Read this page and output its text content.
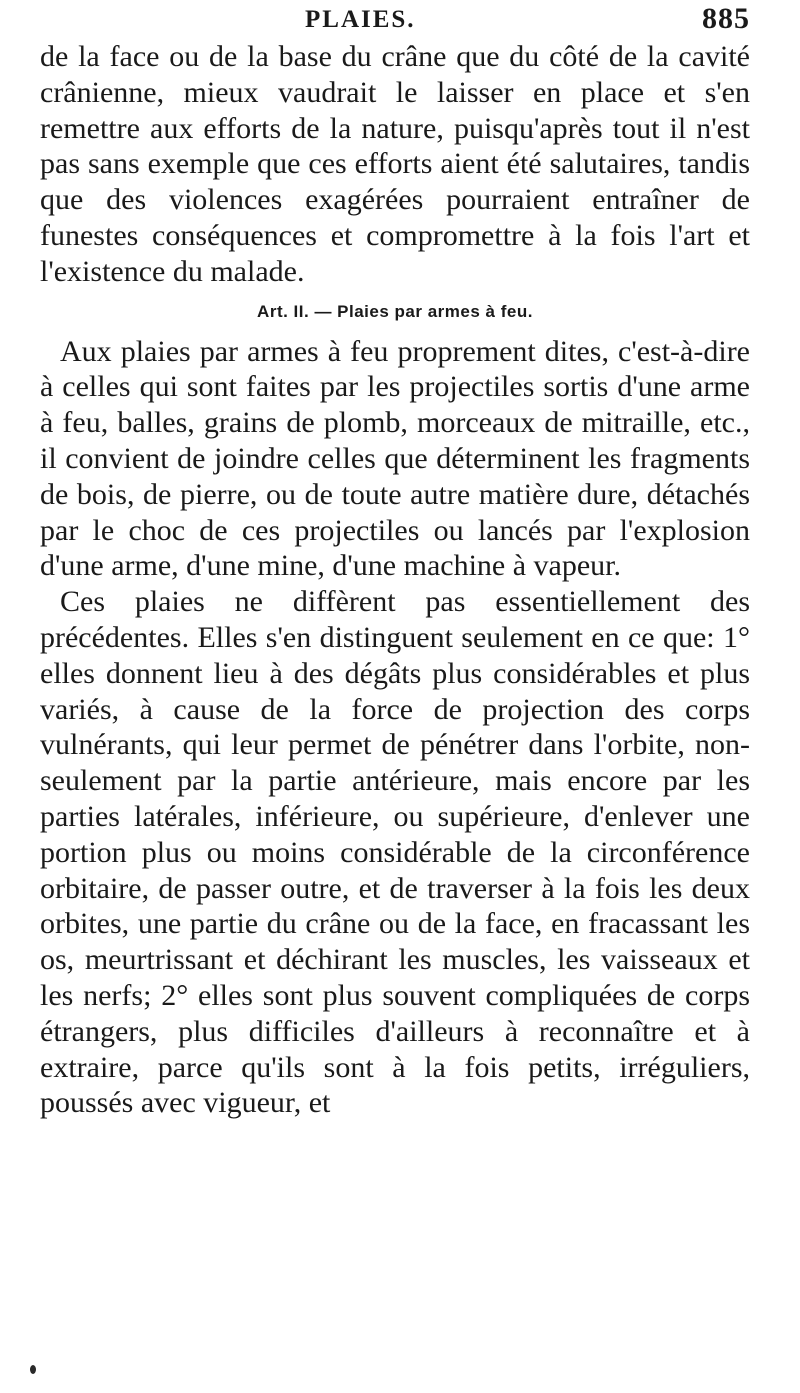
PLAIES.	885

de la face ou de la base du crâne que du côté de la cavité crânienne, mieux vaudrait le laisser en place et s'en remettre aux efforts de la nature, puisqu'après tout il n'est pas sans exemple que ces efforts aient été salutaires, tandis que des violences exagérées pourraient entraîner de funestes conséquences et compromettre à la fois l'art et l'existence du malade.

Art. II. — Plaies par armes à feu.

Aux plaies par armes à feu proprement dites, c'est-à-dire à celles qui sont faites par les projectiles sortis d'une arme à feu, balles, grains de plomb, morceaux de mitraille, etc., il convient de joindre celles que déterminent les fragments de bois, de pierre, ou de toute autre matière dure, détachés par le choc de ces projectiles ou lancés par l'explosion d'une arme, d'une mine, d'une machine à vapeur.

Ces plaies ne diffèrent pas essentiellement des précédentes. Elles s'en distinguent seulement en ce que: 1° elles donnent lieu à des dégâts plus considérables et plus variés, à cause de la force de projection des corps vulnérants, qui leur permet de pénétrer dans l'orbite, non-seulement par la partie antérieure, mais encore par les parties latérales, inférieure, ou supérieure, d'enlever une portion plus ou moins considérable de la circonférence orbitaire, de passer outre, et de traverser à la fois les deux orbites, une partie du crâne ou de la face, en fracassant les os, meurtrissant et déchirant les muscles, les vaisseaux et les nerfs; 2° elles sont plus souvent compliquées de corps étrangers, plus difficiles d'ailleurs à reconnaître et à extraire, parce qu'ils sont à la fois petits, irréguliers, poussés avec vigueur, et
